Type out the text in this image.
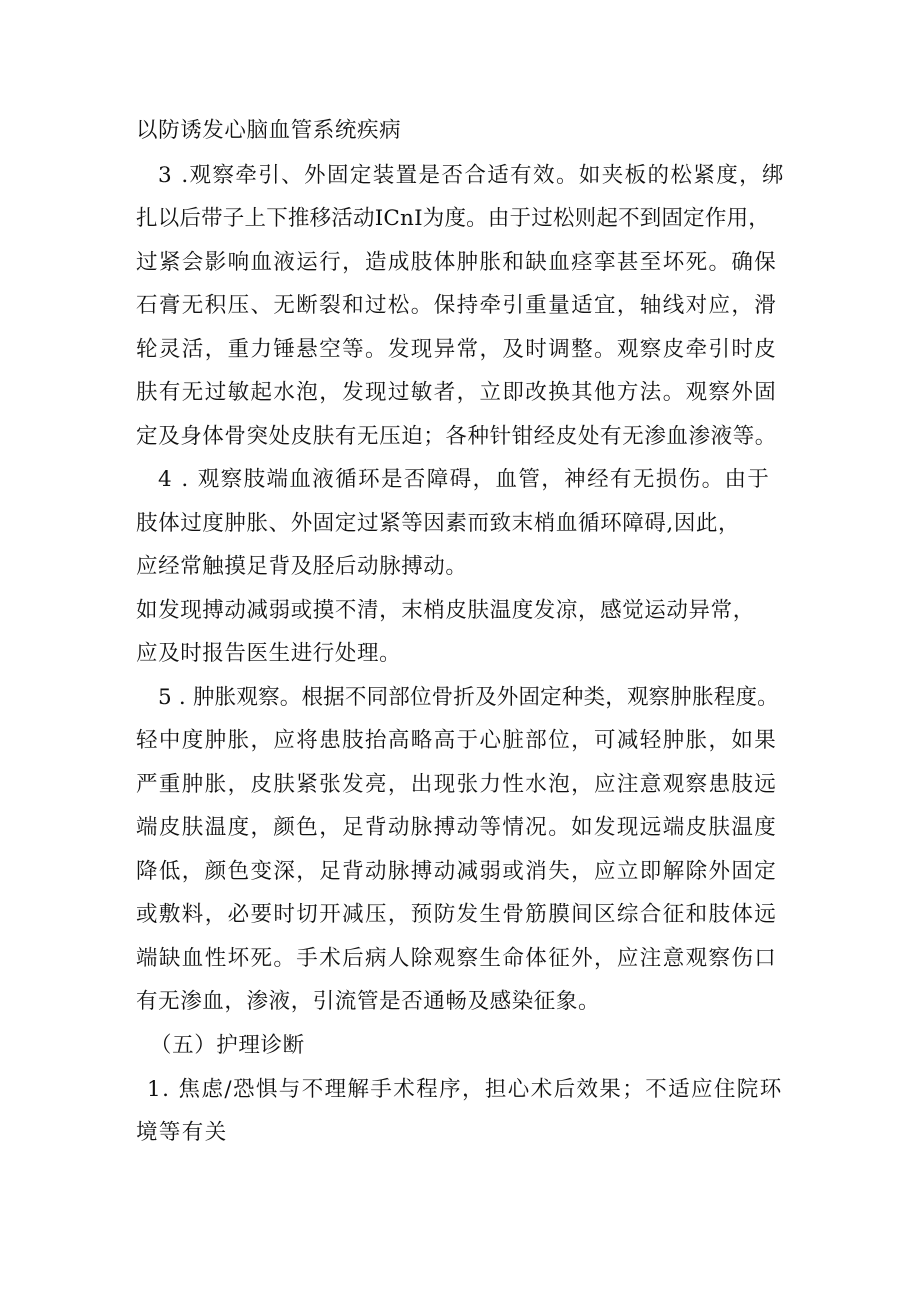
以防诱发心脑血管系统疾病
3 .观察牵引、外固定装置是否合适有效。如夹板的松紧度，绑
扎以后带子上下推移活动ICnI为度。由于过松则起不到固定作用，
过紧会影响血液运行，造成肢体肿胀和缺血痉挛甚至坏死。确保
石膏无积压、无断裂和过松。保持牵引重量适宜，轴线对应，滑
轮灵活，重力锤悬空等。发现异常，及时调整。观察皮牵引时皮
肤有无过敏起水泡，发现过敏者，立即改换其他方法。观察外固
定及身体骨突处皮肤有无压迫；各种针钳经皮处有无渗血渗液等。
4 . 观察肢端血液循环是否障碍，血管，神经有无损伤。由于
肢体过度肿胀、外固定过紧等因素而致末梢血循环障碍,因此，
应经常触摸足背及胫后动脉搏动。
如发现搏动减弱或摸不清，末梢皮肤温度发凉，感觉运动异常，
应及时报告医生进行处理。
5 . 肿胀观察。根据不同部位骨折及外固定种类，观察肿胀程度。
轻中度肿胀，应将患肢抬高略高于心脏部位，可减轻肿胀，如果
严重肿胀，皮肤紧张发亮，出现张力性水泡，应注意观察患肢远
端皮肤温度，颜色，足背动脉搏动等情况。如发现远端皮肤温度
降低，颜色变深，足背动脉搏动减弱或消失，应立即解除外固定
或敷料，必要时切开减压，预防发生骨筋膜间区综合征和肢体远
端缺血性坏死。手术后病人除观察生命体征外，应注意观察伤口
有无渗血，渗液，引流管是否通畅及感染征象。
（五）护理诊断
1. 焦虑/恐惧与不理解手术程序，担心术后效果；不适应住院环
境等有关
